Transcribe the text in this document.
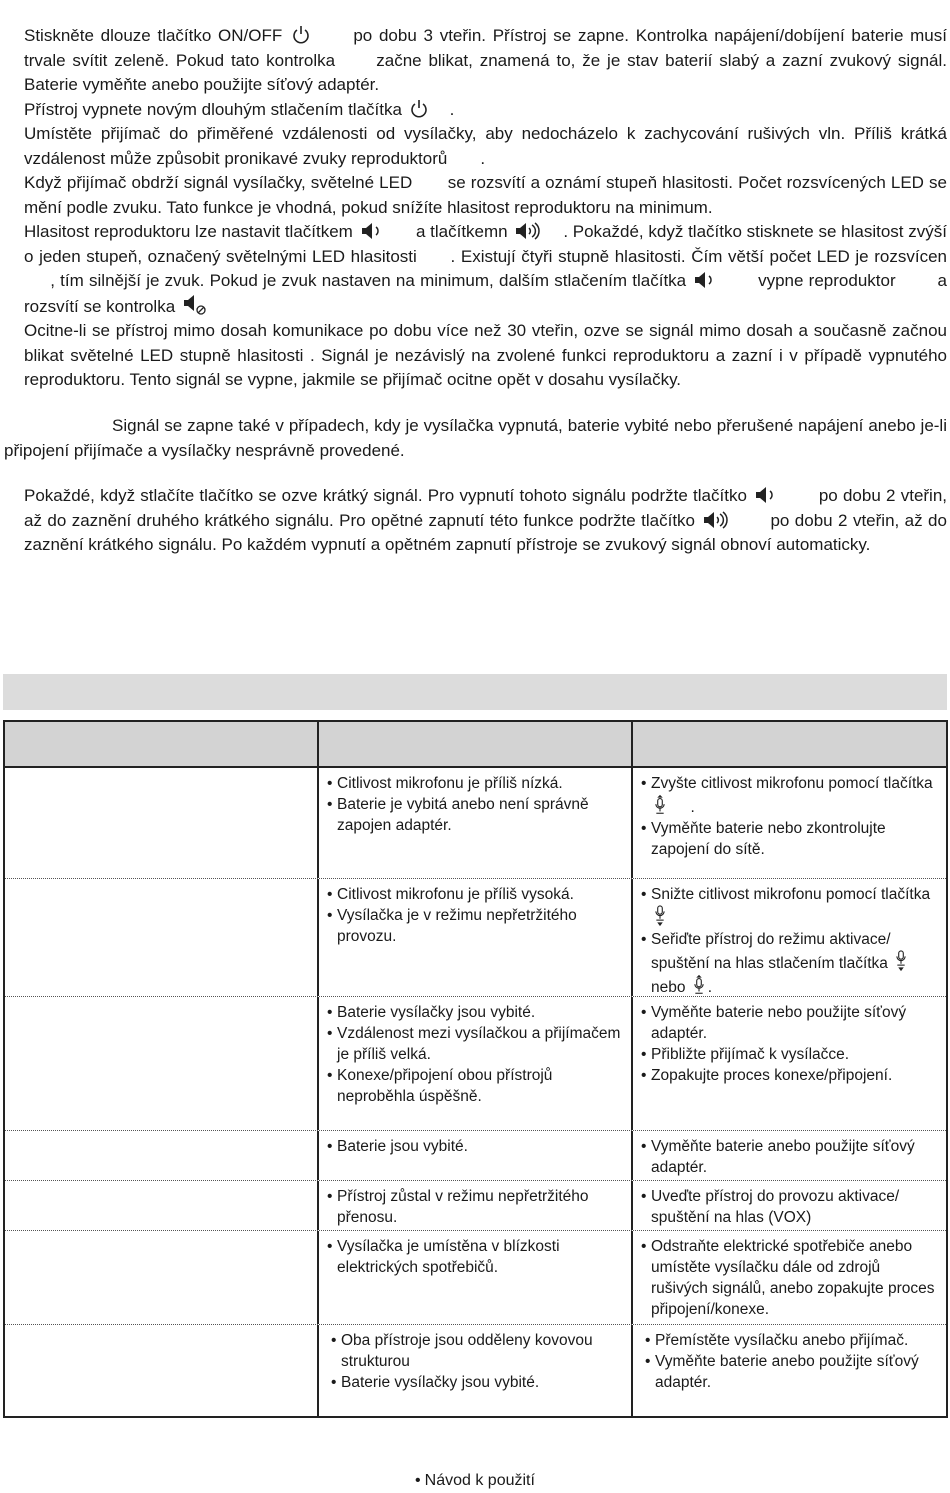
Stiskněte dlouze tlačítko ON/OFF	po dobu 3 vteřin. Přístroj se zapne. Kontrolka napájení/dobíjení baterie musí trvale svítit zeleně. Pokud tato kontrolka začne blikat, znamená to, že je stav baterií slabý a zazní zvukový signál. Baterie vyměňte anebo použijte síťový adaptér.

Přístroj vypnete novým dlouhým stlačením tlačítka	.

Umístěte přijímač do přiměřené vzdálenosti od vysílačky, aby nedocházelo k zachycování rušivých vln. Příliš krátká vzdálenost může způsobit pronikavé zvuky reproduktorů .

Když přijímač obdrží signál vysílačky, světelné LED se rozsvítí a oznámí stupeň hlasitosti. Počet rozsvícených LED se mění podle zvuku. Tato funkce je vhodná, pokud snížíte hlasitost reproduktoru na minimum.

Hlasitost reproduktoru lze nastavit tlačítkem	a tlačítkemn	. Pokaždé, když tlačítko stisknete se hlasitost zvýší o jeden stupeň, označený světelnými LED hlasitosti . Existují čtyři stupně hlasitosti. Čím větší počet LED je rozsvícen      , tím silnější je zvuk. Pokud je zvuk nastaven na minimum, dalším stlačením tlačítka	vypne reproduktor a rozsvítí se kontrolka

Ocitne-li se přístroj mimo dosah komunikace po dobu více než 30 vteřin, ozve se signál mimo dosah a současně začnou blikat světelné LED stupně hlasitosti . Signál je nezávislý na zvolené funkci reproduktoru a zazní i v případě vypnutého reproduktoru. Tento signál se vypne, jakmile se přijímač ocitne opět v dosahu vysílačky.

Signál se zapne také v případech, kdy je vysílačka vypnutá, baterie vybité nebo přerušené napájení anebo je-li připojení přijímače a vysílačky nesprávně provedené.

Pokaždé, když stlačíte tlačítko se ozve krátký signál. Pro vypnutí tohoto signálu podržte tlačítko	po dobu 2 vteřin, až do zaznění druhého krátkého signálu. Pro opětné zapnutí této funkce podržte tlačítko	po dobu 2 vteřin, až do zaznění krátkého signálu. Po každém vypnutí a opětném zapnutí přístroje se zvukový signál obnoví automaticky.

• Citlivost mikrofonu je příliš nízká.
• Baterie je vybitá anebo není správně zapojen adaptér.
• Zvyšte citlivost mikrofonu pomocí tlačítka
.
• Vyměňte baterie nebo zkontrolujte zapojení do sítě.
• Citlivost mikrofonu je příliš vysoká.
• Vysílačka je v režimu nepřetržitého provozu.
• Snižte citlivost mikrofonu pomocí tlačítka
• Seřiďte přístroj do režimu aktivace/ spuštění na hlas stlačením tlačítka
nebo .
• Baterie vysílačky jsou vybité.
• Vzdálenost mezi vysílačkou a přijímačem je příliš velká.
• Konexe/připojení obou přístrojů neproběhla úspěšně.
• Vyměňte baterie nebo použijte síťový adaptér.
• Přibližte přijímač k vysílačce.
• Zopakujte proces konexe/připojení.
• Baterie jsou vybité.
•	Vyměňte baterie anebo použijte síťový adaptér.
• Přístroj zůstal v režimu nepřetržitého přenosu.
• Uveďte přístroj do provozu aktivace/ spuštění na hlas (VOX)
• Vysílačka je umístěna v blízkosti elektrických spotřebičů.
• Odstraňte elektrické spotřebiče anebo umístěte vysílačku dále od zdrojů rušivých signálů, anebo zopakujte proces připojení/konexe.
• Oba přístroje jsou odděleny kovovou strukturou
• Baterie vysílačky jsou vybité.
• Přemístěte vysílačku anebo přijímač.
• Vyměňte baterie anebo použijte síťový adaptér.
• Návod k použití
